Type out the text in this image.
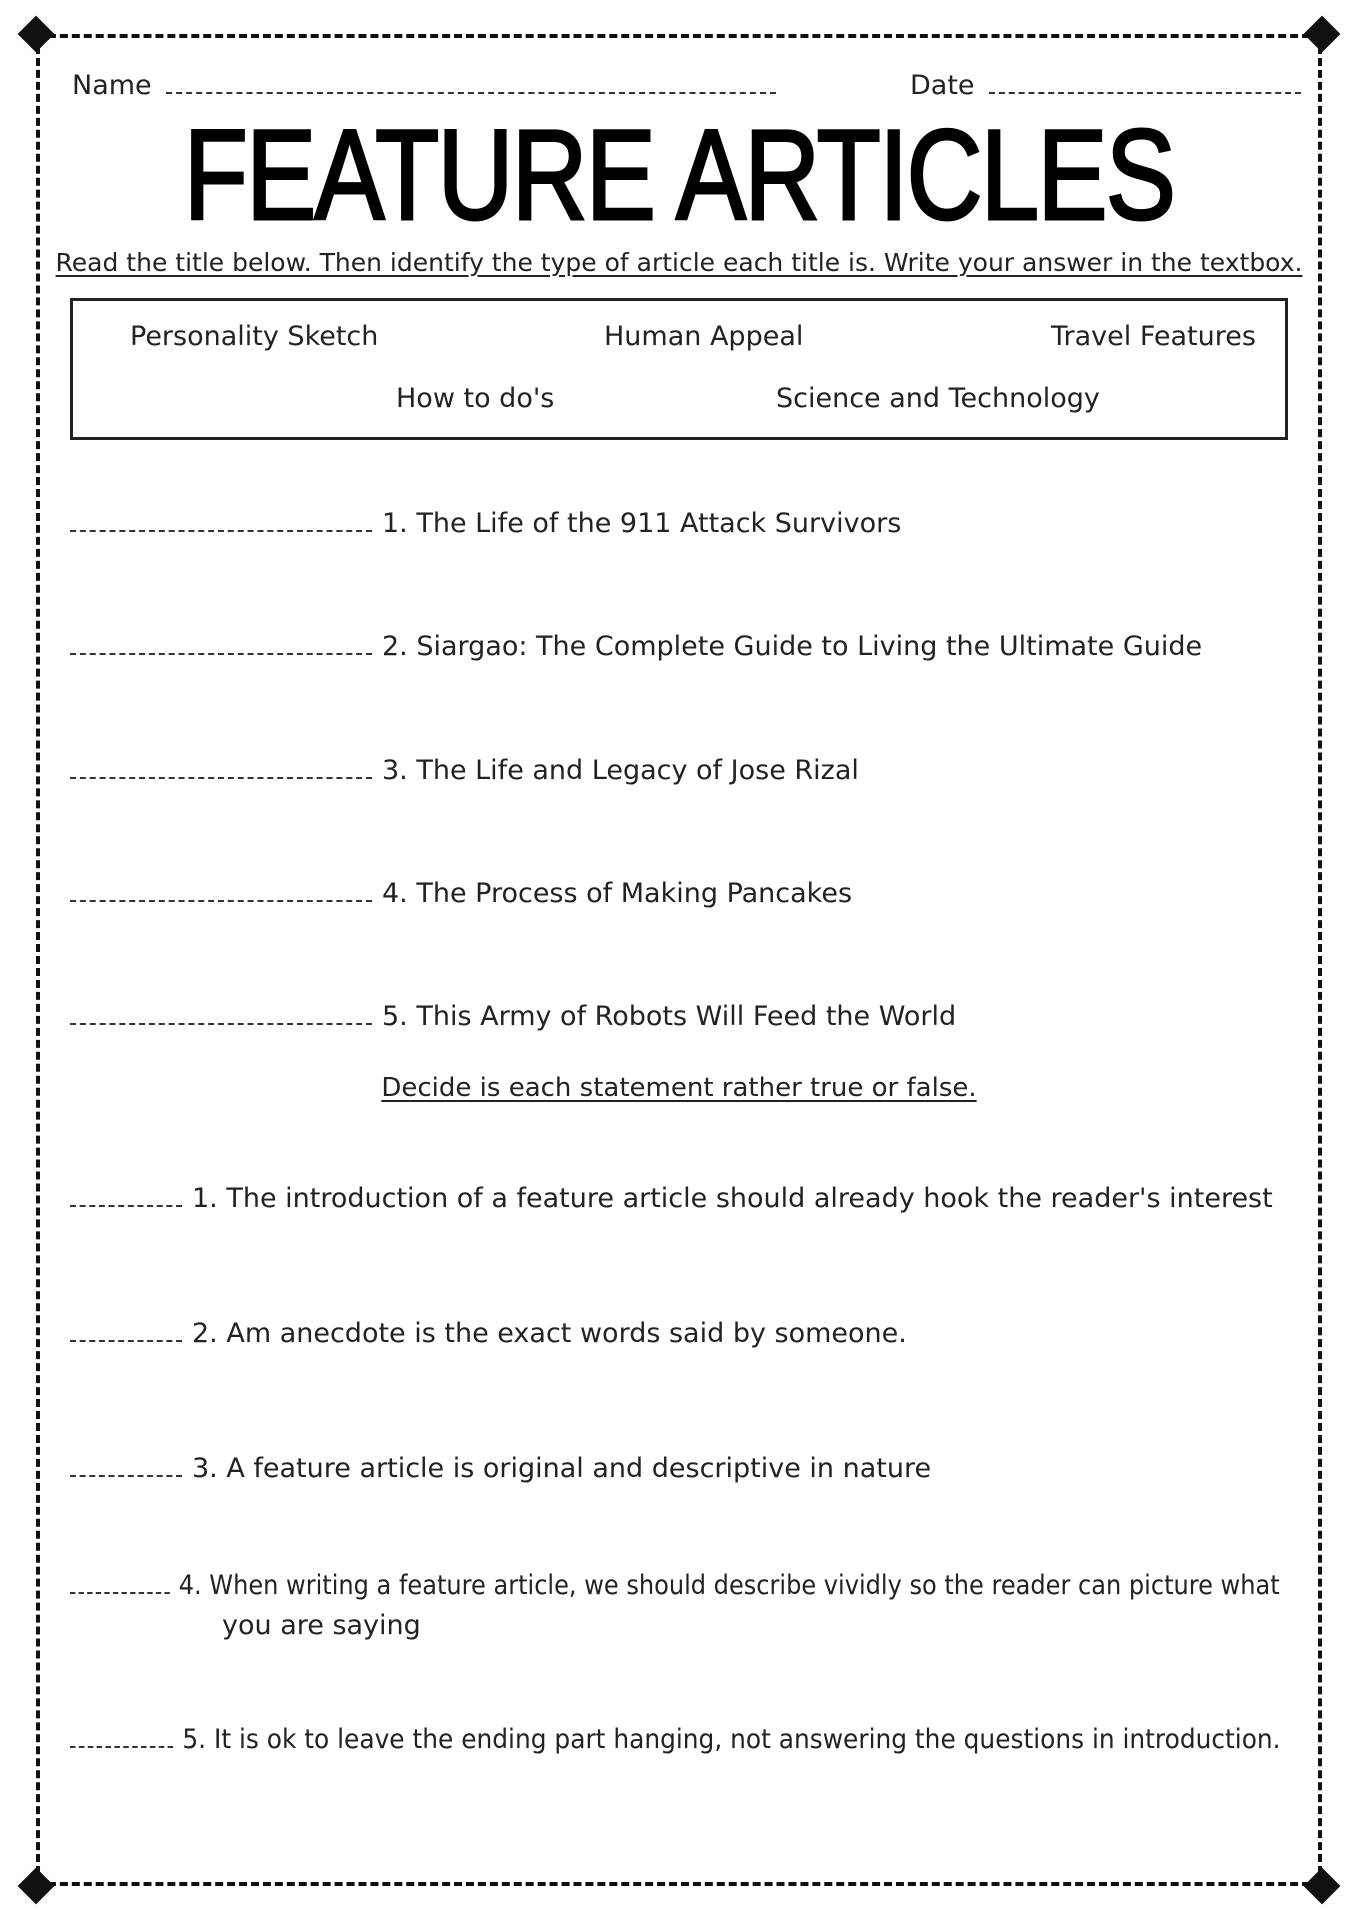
Name	Date
FEATURE ARTICLES
Read the title below. Then identify the type of article each title is. Write your answer in the textbox.
Personality Sketch	Human Appeal	Travel Features
How to do's	Science and Technology
1. The Life of the 911 Attack Survivors
2. Siargao: The Complete Guide to Living the Ultimate Guide
3. The Life and Legacy of Jose Rizal
4. The Process of Making Pancakes
5. This Army of Robots Will Feed the World
Decide is each statement rather true or false.
1. The introduction of a feature article should already hook the reader's interest
2. Am anecdote is the exact words said by someone.
3. A feature article is original and descriptive in nature
4. When writing a feature article, we should describe vividly so the reader can picture what
you are saying
5. It is ok to leave the ending part hanging, not answering the questions in introduction.
